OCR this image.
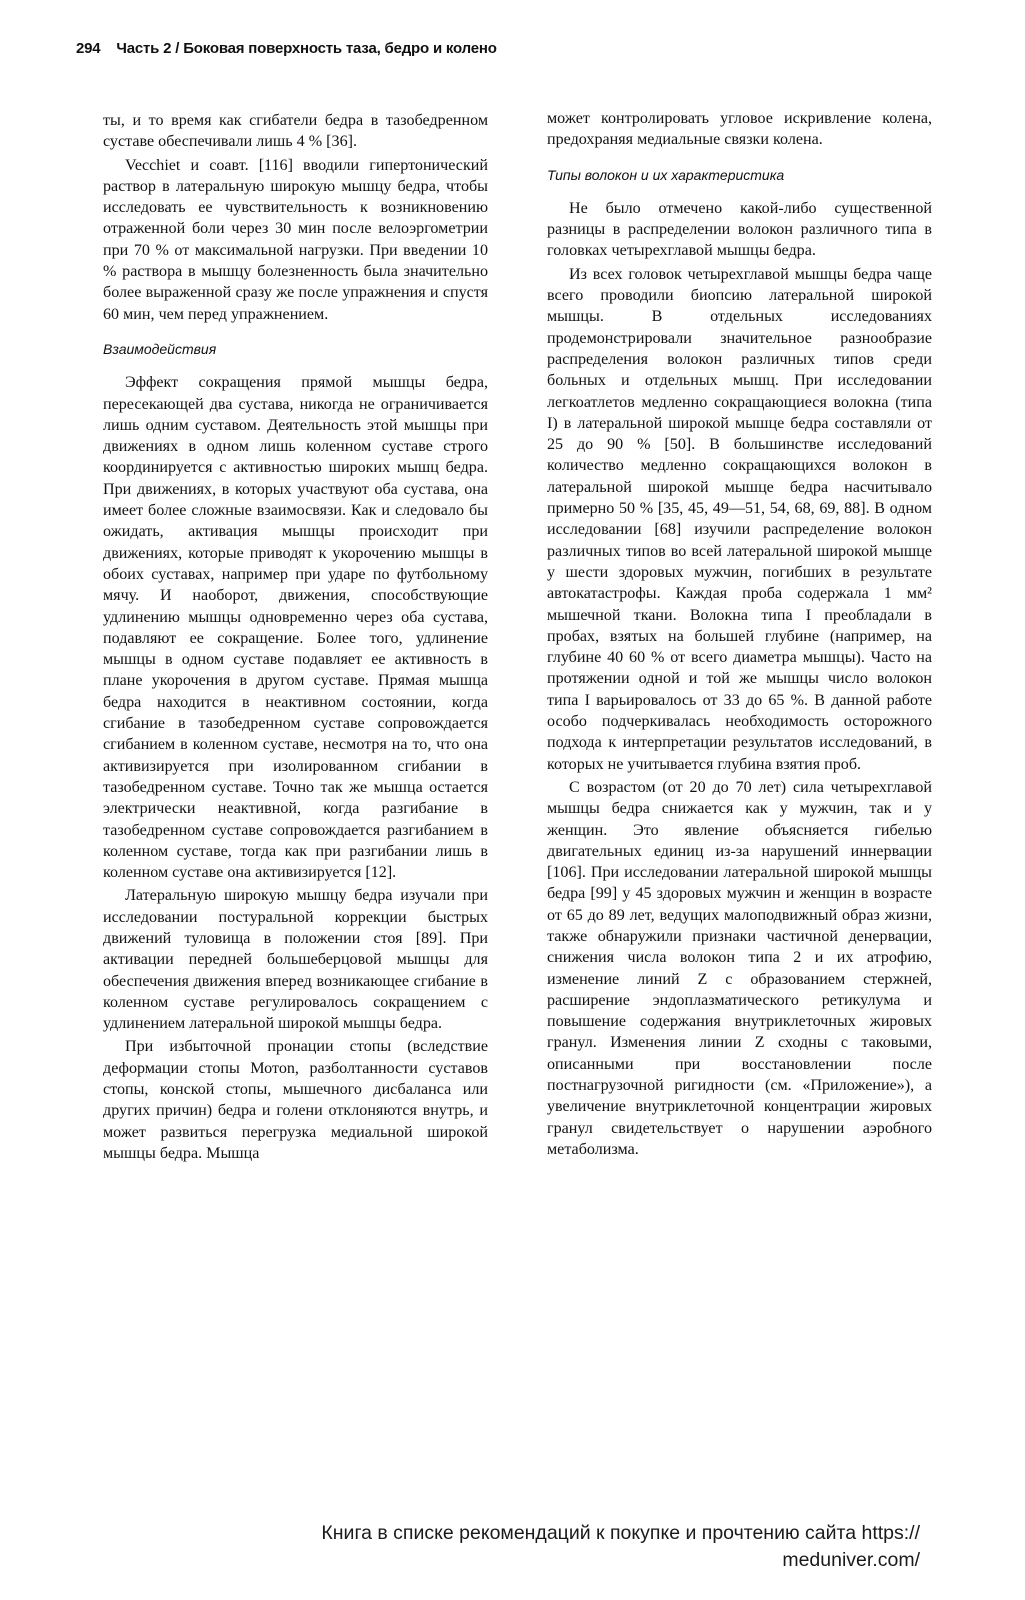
294 Часть 2 / Боковая поверхность таза, бедро и колено

ты, и то время как сгибатели бедра в тазобедренном суставе обеспечивали лишь 4 % [36].

Vecchiet и соавт. [116] вводили гипертонический раствор в латеральную широкую мышцу бедра, чтобы исследовать ее чувствительность к возникновению отраженной боли через 30 мин после велоэргометрии при 70 % от максимальной нагрузки. При введении 10 % раствора в мышцу болезненность была значительно более выраженной сразу же после упражнения и спустя 60 мин, чем перед упражнением.

Взаимодействия

Эффект сокращения прямой мышцы бедра, пересекающей два сустава, никогда не ограничивается лишь одним суставом. Деятельность этой мышцы при движениях в одном лишь коленном суставе строго координируется с активностью широких мышц бедра. При движениях, в которых участвуют оба сустава, она имеет более сложные взаимосвязи. Как и следовало бы ожидать, активация мышцы происходит при движениях, которые приводят к укорочению мышцы в обоих суставах, например при ударе по футбольному мячу. И наоборот, движения, способствующие удлинению мышцы одновременно через оба сустава, подавляют ее сокращение. Более того, удлинение мышцы в одном суставе подавляет ее активность в плане укорочения в другом суставе. Прямая мышца бедра находится в неактивном состоянии, когда сгибание в тазобедренном суставе сопровождается сгибанием в коленном суставе, несмотря на то, что она активизируется при изолированном сгибании в тазобедренном суставе. Точно так же мышца остается электрически неактивной, когда разгибание в тазобедренном суставе сопровождается разгибанием в коленном суставе, тогда как при разгибании лишь в коленном суставе она активизируется [12].

Латеральную широкую мышцу бедра изучали при исследовании постуральной коррекции быстрых движений туловища в положении стоя [89]. При активации передней большеберцовой мышцы для обеспечения движения вперед возникающее сгибание в коленном суставе регулировалось сокращением с удлинением латеральной широкой мышцы бедра.

При избыточной пронации стопы (вследствие деформации стопы Мотоn, разболтанности суставов стопы, конской стопы, мышечного дисбаланса или других причин) бедра и голени отклоняются внутрь, и может развиться перегрузка медиальной широкой мышцы бедра. Мышца

может контролировать угловое искривление колена, предохраняя медиальные связки колена.

Типы волокон и их характеристика

Не было отмечено какой-либо существенной разницы в распределении волокон различного типа в головках четырехглавой мышцы бедра.

Из всех головок четырехглавой мышцы бедра чаще всего проводили биопсию латеральной широкой мышцы. В отдельных исследованиях продемонстрировали значительное разнообразие распределения волокон различных типов среди больных и отдельных мышц. При исследовании легкоатлетов медленно сокращающиеся волокна (типа I) в латеральной широкой мышце бедра составляли от 25 до 90 % [50]. В большинстве исследований количество медленно сокращающихся волокон в латеральной широкой мышце бедра насчитывало примерно 50 % [35, 45, 49—51, 54, 68, 69, 88]. В одном исследовании [68] изучили распределение волокон различных типов во всей латеральной широкой мышце у шести здоровых мужчин, погибших в результате автокатастрофы. Каждая проба содержала 1 мм² мышечной ткани. Волокна типа I преобладали в пробах, взятых на большей глубине (например, на глубине 40 60 % от всего диаметра мышцы). Часто на протяжении одной и той же мышцы число волокон типа I варьировалось от 33 до 65 %. В данной работе особо подчеркивалась необходимость осторожного подхода к интерпретации результатов исследований, в которых не учитывается глубина взятия проб.

С возрастом (от 20 до 70 лет) сила четырехглавой мышцы бедра снижается как у мужчин, так и у женщин. Это явление объясняется гибелью двигательных единиц из-за нарушений иннервации [106]. При исследовании латеральной широкой мышцы бедра [99] у 45 здоровых мужчин и женщин в возрасте от 65 до 89 лет, ведущих малоподвижный образ жизни, также обнаружили признаки частичной денервации, снижения числа волокон типа 2 и их атрофию, изменение линий Z с образованием стержней, расширение эндоплазматического ретикулума и повышение содержания внутриклеточных жировых гранул. Изменения линии Z сходны с таковыми, описанными при восстановлении после постнагрузочной ригидности (см. «Приложение»), а увеличение внутриклеточной концентрации жировых гранул свидетельствует о нарушении аэробного метаболизма.

Книга в списке рекомендаций к покупке и прочтению сайта https://
meduniver.com/
